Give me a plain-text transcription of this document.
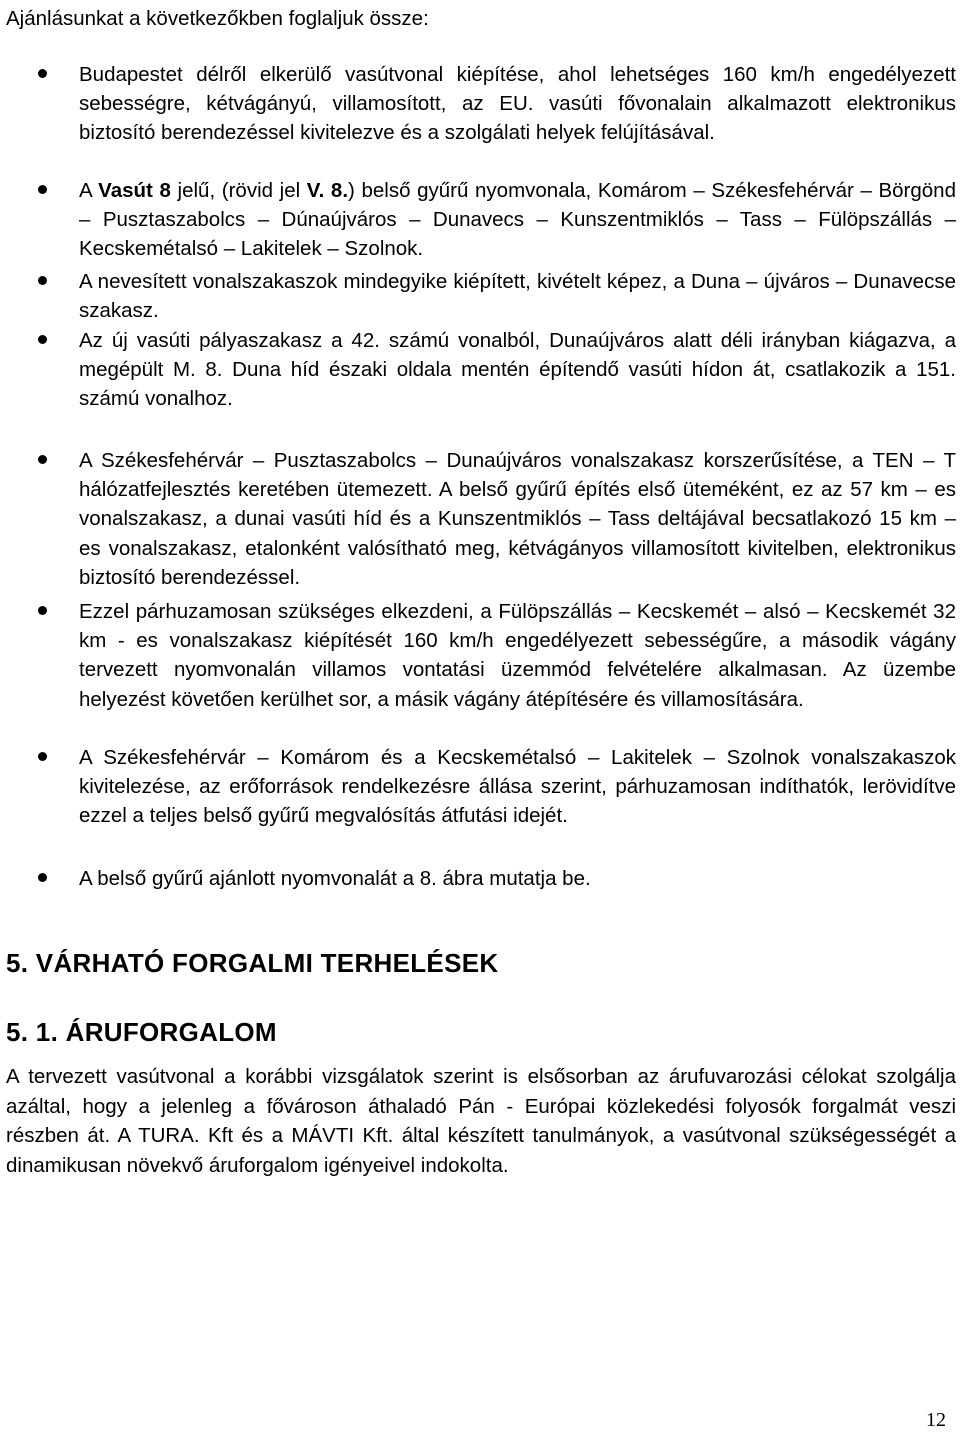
Ajánlásunkat a következőkben foglaljuk össze:
Budapestet délről elkerülő vasútvonal kiépítése, ahol lehetséges 160 km/h engedélyezett sebességre, kétvágányú, villamosított, az EU. vasúti fővonalain alkalmazott elektronikus biztosító berendezéssel kivitelezve és a szolgálati helyek felújításával.
A Vasút 8 jelű, (rövid jel V. 8.) belső gyűrű nyomvonala, Komárom – Székesfehérvár – Börgönd – Pusztaszabolcs – Dúnaújváros – Dunavecs – Kunszentmiklós – Tass – Fülöpszállás – Kecskemétalsó – Lakitelek – Szolnok.
A nevesített vonalszakaszok mindegyike kiépített, kivételt képez, a Duna – újváros – Dunavecse szakasz.
Az új vasúti pályaszakasz a 42. számú vonalból, Dunaújváros alatt déli irányban kiágazva, a megépült M. 8. Duna híd északi oldala mentén építendő vasúti hídon át, csatlakozik a 151. számú vonalhoz.
A Székesfehérvár – Pusztaszabolcs – Dunaújváros vonalszakasz korszerűsítése, a TEN – T hálózatfejlesztés keretében ütemezett. A belső gyűrű építés első üteméként, ez az 57 km – es vonalszakasz, a dunai vasúti híd és a Kunszentmiklós – Tass deltájával becsatlakozó 15 km – es vonalszakasz, etalonként valósítható meg, kétvágányos villamosított kivitelben, elektronikus biztosító berendezéssel.
Ezzel párhuzamosan szükséges elkezdeni, a Fülöpszállás – Kecskemét – alsó – Kecskemét 32 km - es vonalszakasz kiépítését 160 km/h engedélyezett sebességűre, a második vágány tervezett nyomvonalán villamos vontatási üzemmód felvételére alkalmasan. Az üzembe helyezést követően kerülhet sor, a másik vágány átépítésére és villamosítására.
A Székesfehérvár – Komárom és a Kecskemétalsó – Lakitelek – Szolnok vonalszakaszok kivitelezése, az erőforrások rendelkezésre állása szerint, párhuzamosan indíthatók, lerövidítve ezzel a teljes belső gyűrű megvalósítás átfutási idejét.
A belső gyűrű ajánlott nyomvonalát a 8. ábra mutatja be.
5. VÁRHATÓ FORGALMI TERHELÉSEK
5. 1. ÁRUFORGALOM
A tervezett vasútvonal a korábbi vizsgálatok szerint is elsősorban az árufuvarozási célokat szolgálja azáltal, hogy a jelenleg a fővároson áthaladó Pán - Európai közlekedési folyosók forgalmát veszi részben át. A TURA. Kft és a MÁVTI Kft. által készített tanulmányok, a vasútvonal szükségességét a dinamikusan növekvő áruforgalom igényeivel indokolta.
12
